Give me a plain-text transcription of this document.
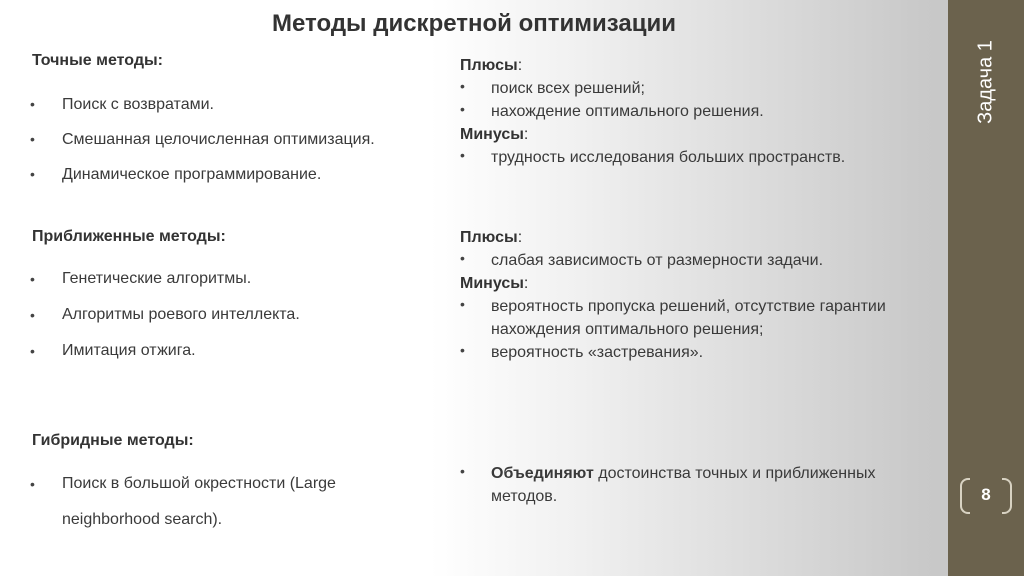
Методы дискретной оптимизации
Точные методы:
• Поиск с возвратами.
• Смешанная целочисленная оптимизация.
• Динамическое программирование.
Плюсы:
• поиск всех решений;
• нахождение оптимального решения.
Минусы:
• трудность исследования больших пространств.
Приближенные методы:
• Генетические алгоритмы.
• Алгоритмы роевого интеллекта.
• Имитация отжига.
Плюсы:
• слабая зависимость от размерности задачи.
Минусы:
• вероятность пропуска решений, отсутствие гарантии нахождения оптимального решения;
• вероятность «застревания».
Гибридные методы:
• Поиск в большой окрестности (Large neighborhood search).
• Объединяют достоинства точных и приближенных методов.
Задача 1
8
